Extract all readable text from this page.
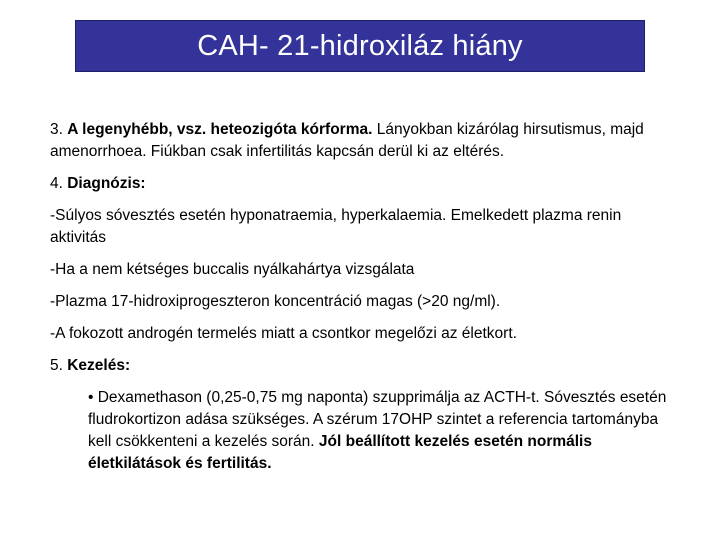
CAH- 21-hidroxiláz hiány

3. A legenyhébb, vsz. heteozigóta kórforma. Lányokban kizárólag hirsutismus, majd amenorrhoea. Fiúkban csak infertilitás kapcsán derül ki az eltérés.

4. Diagnózis:

-Súlyos sóvesztés esetén hyponatraemia, hyperkalaemia. Emelkedett plazma renin aktivitás

-Ha a nem kétséges buccalis nyálkahártya vizsgálata

-Plazma 17-hidroxiprogeszteron koncentráció magas (>20 ng/ml).

-A fokozott androgén termelés miatt a csontkor megelőzi az életkort.

5. Kezelés:

• Dexamethason (0,25-0,75 mg naponta) szupprimálja az ACTH-t. Sóvesztés esetén fludrokortizon adása szükséges. A szérum 17OHP szintet a referencia tartományba kell csökkenteni a kezelés során. Jól beállított kezelés esetén normális életkilátások és fertilitás.
